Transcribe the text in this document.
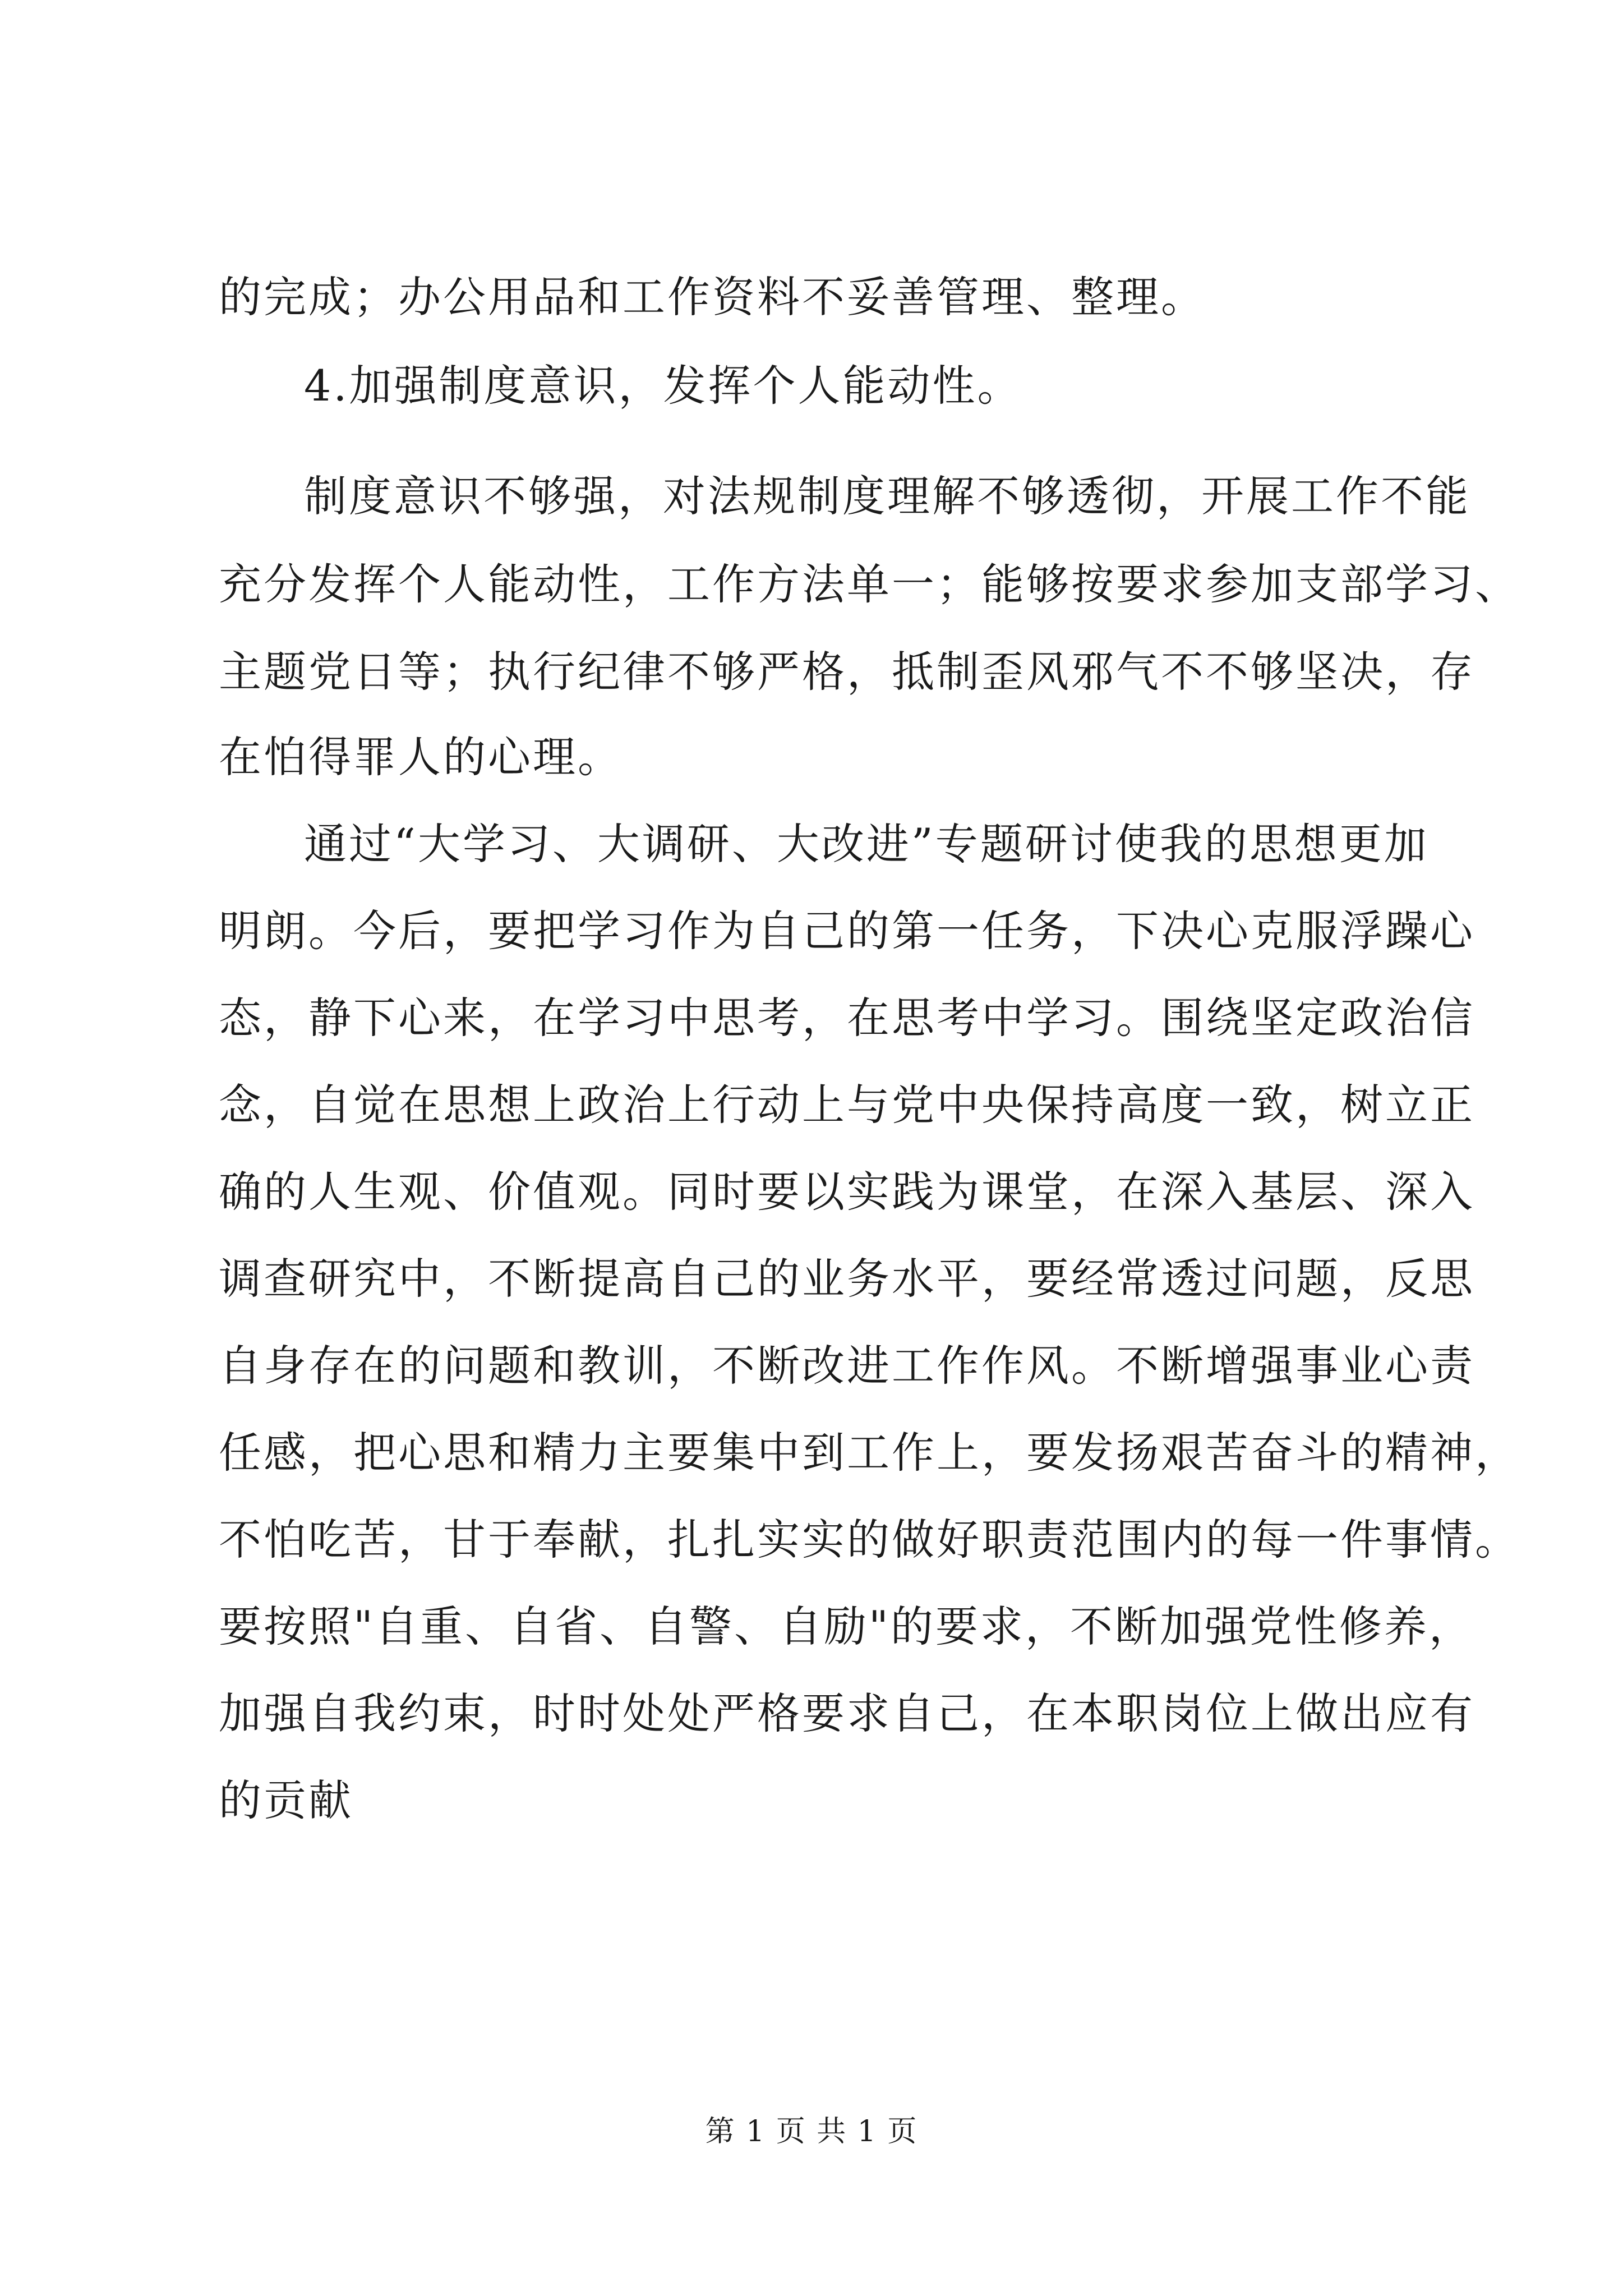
的完成；办公用品和工作资料不妥善管理、整理。
4.加强制度意识，发挥个人能动性。
制度意识不够强，对法规制度理解不够透彻，开展工作不能
充分发挥个人能动性，工作方法单一；能够按要求参加支部学习、
主题党日等；执行纪律不够严格，抵制歪风邪气不不够坚决，存
在怕得罪人的心理。
通过“大学习、大调研、大改进”专题研讨使我的思想更加
明朗。今后，要把学习作为自己的第一任务，下决心克服浮躁心
态，静下心来，在学习中思考，在思考中学习。围绕坚定政治信
念，自觉在思想上政治上行动上与党中央保持高度一致，树立正
确的人生观、价值观。同时要以实践为课堂，在深入基层、深入
调查研究中，不断提高自己的业务水平，要经常透过问题，反思
自身存在的问题和教训，不断改进工作作风。不断增强事业心责
任感，把心思和精力主要集中到工作上，要发扬艰苦奋斗的精神，
不怕吃苦，甘于奉献，扎扎实实的做好职责范围内的每一件事情。
要按照"自重、自省、自警、自励"的要求，不断加强党性修养，
加强自我约束，时时处处严格要求自己，在本职岗位上做出应有
的贡献
第 1 页 共 1 页
